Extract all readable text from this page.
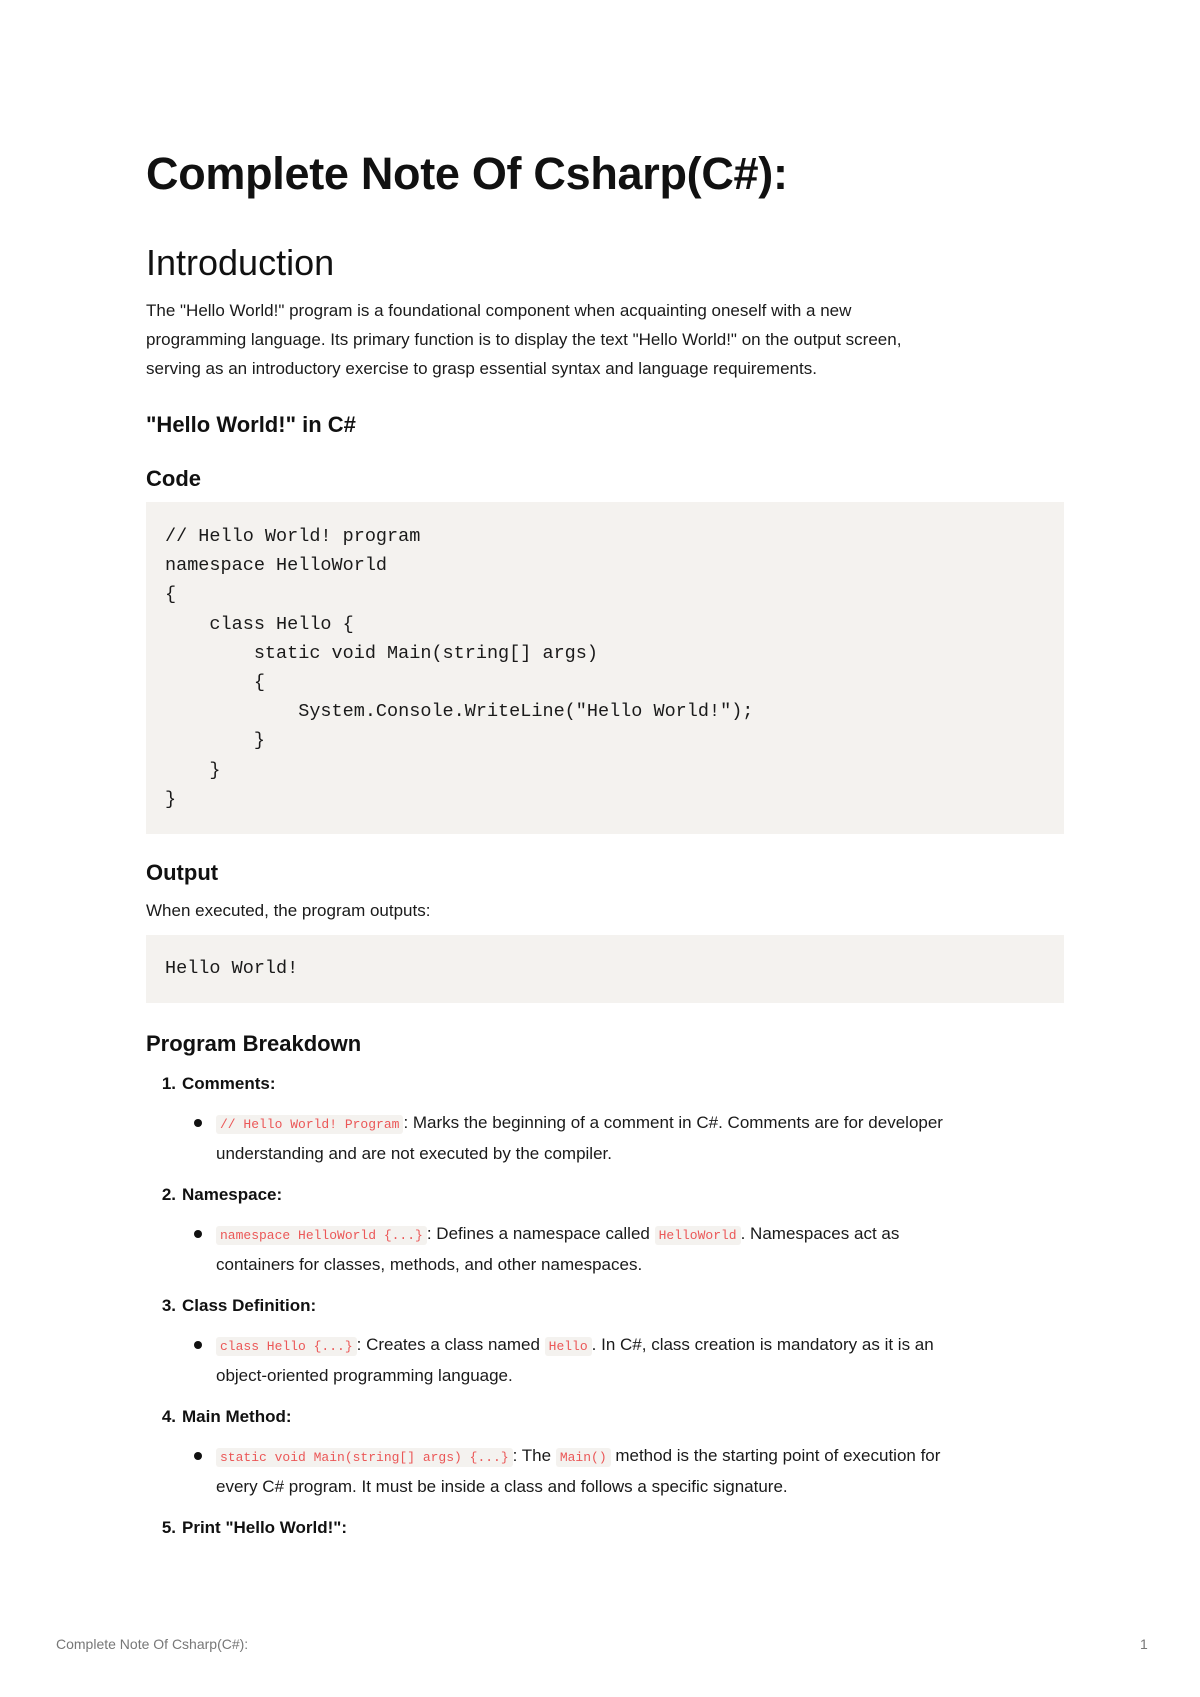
Complete Note Of Csharp(C#):
Introduction
The "Hello World!" program is a foundational component when acquainting oneself with a new
programming language. Its primary function is to display the text "Hello World!" on the output screen,
serving as an introductory exercise to grasp essential syntax and language requirements.
"Hello World!" in C#
Code
// Hello World! program
namespace HelloWorld
{
class Hello {
static void Main(string[] args)
{
System.Console.WriteLine("Hello World!");
}
}
}
Output
When executed, the program outputs:
Hello World!
Program Breakdown
1. Comments:
// Hello World! Program : Marks the beginning of a comment in C#. Comments are for developer
understanding and are not executed by the compiler.
2. Namespace:
namespace HelloWorld {...} : Defines a namespace called HelloWorld . Namespaces act as
containers for classes, methods, and other namespaces.
3. Class Definition:
class Hello {...} : Creates a class named Hello . In C#, class creation is mandatory as it is an
object-oriented programming language.
4. Main Method:
static void Main(string[] args) {...} : The Main() method is the starting point of execution for
every C# program. It must be inside a class and follows a specific signature.
5. Print "Hello World!":
Complete Note Of Csharp(C#):	1
